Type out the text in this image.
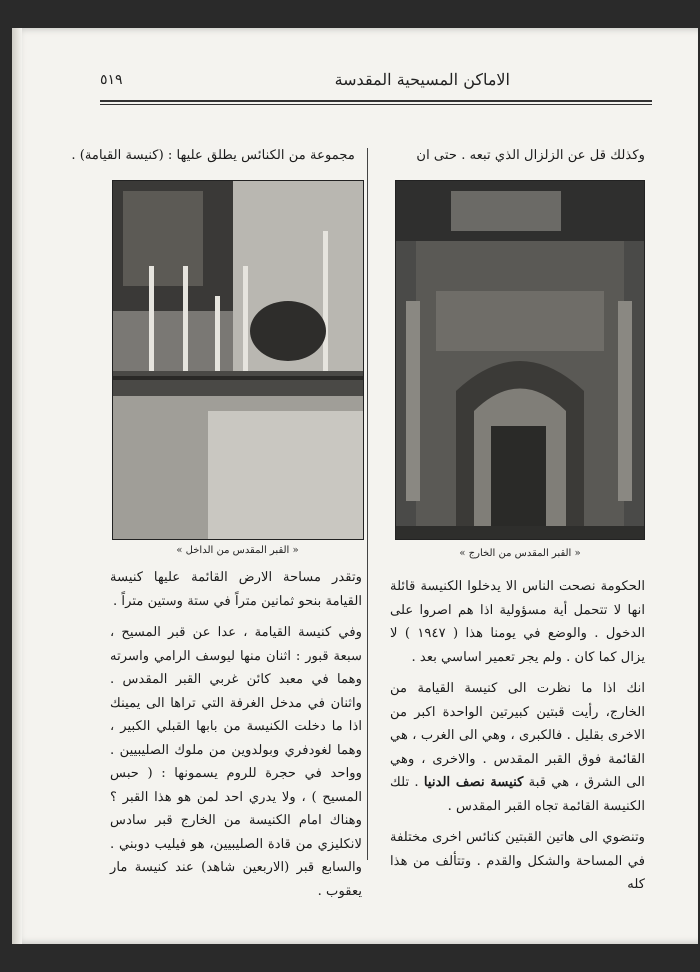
الاماكن المسيحية المقدسة
٥١٩
وكذلك قل عن الزلزال الذي تبعه . حتى ان
« القبر المقدس من الخارج »

الحكومة نصحت الناس الا يدخلوا الكنيسة قائلة انها لا تتحمل أية مسؤولية اذا هم اصروا على الدخول . والوضع في يومنا هذا ( ١٩٤٧ ) لا يزال كما كان . ولم يجر تعمير اساسي بعد .

انك اذا ما نظرت الى كنيسة القيامة من الخارج، رأيت قبتين كبيرتين الواحدة اكبر من الاخرى بقليل . فالكبرى ، وهي الى الغرب ، هي القائمة فوق القبر المقدس . والاخرى ، وهي الى الشرق ، هي قبة كنيسة نصف الدنيا . تلك الكنيسة القائمة تجاه القبر المقدس .

وتنضوي الى هاتين القبتين كنائس اخرى مختلفة في المساحة والشكل والقدم . وتتألف من هذا كله

مجموعة من الكنائس يطلق عليها : (كنيسة القيامة) .
« القبر المقدس من الداخل »

وتقدر مساحة الارض القائمة عليها كنيسة القيامة بنحو ثمانين متراً في ستة وستين متراً .

وفي كنيسة القيامة ، عدا عن قبر المسيح ، سبعة قبور : اثنان منها ليوسف الرامي واسرته وهما في معبد كائن غربي القبر المقدس . واثنان في مدخل الغرفة التي تراها الى يمينك اذا ما دخلت الكنيسة من بابها القبلي الكبير ، وهما لغودفري وبولدوين من ملوك الصليبيين . وواحد في حجرة للروم يسمونها : ( حبس المسيح ) ، ولا يدري احد لمن هو هذا القبر ؟ وهناك امام الكنيسة من الخارج قبر سادس لانكليزي من قادة الصليبيين، هو فيليب دوبني . والسابع قبر (الاربعين شاهد) عند كنيسة مار يعقوب .
